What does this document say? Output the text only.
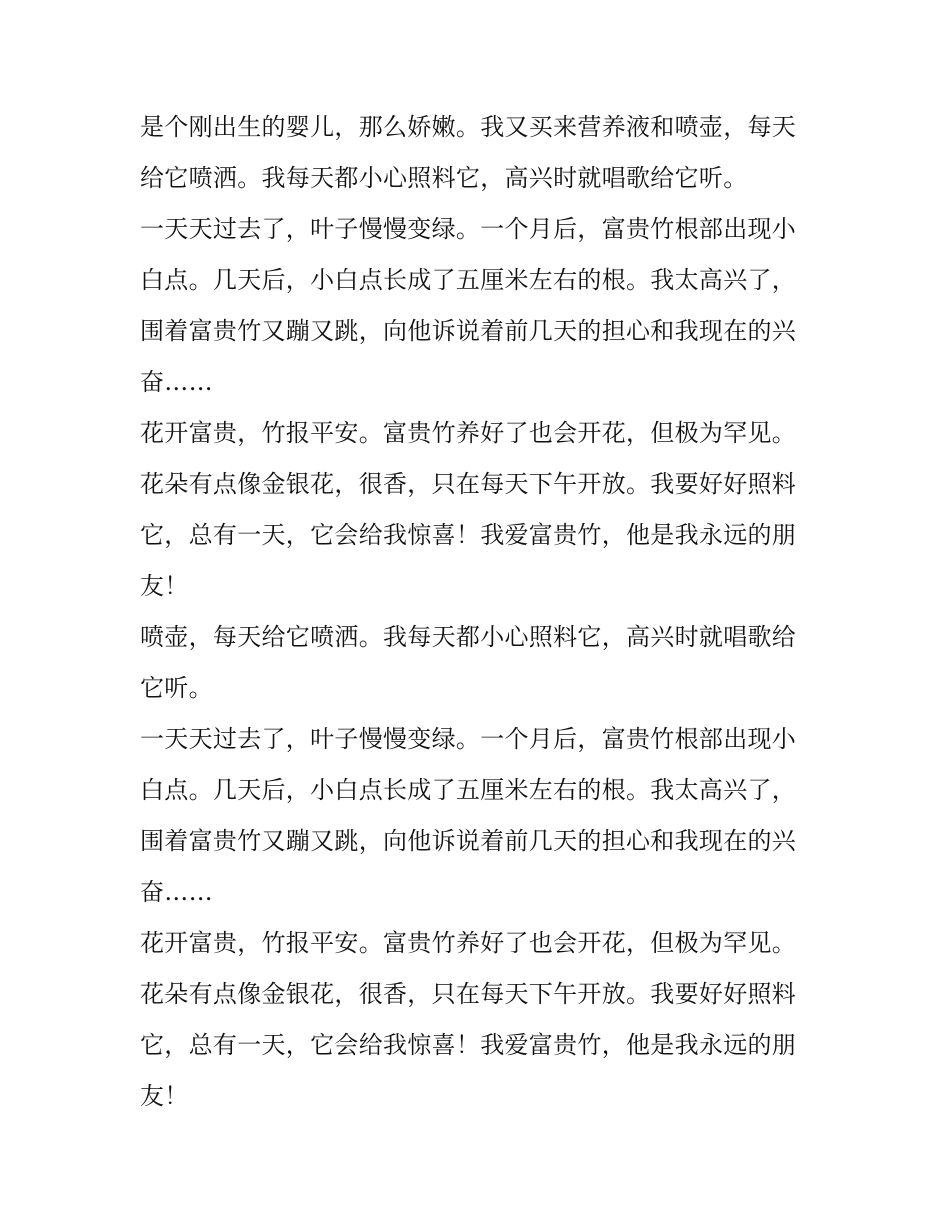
是个刚出生的婴儿，那么娇嫩。我又买来营养液和喷壶，每天
给它喷洒。我每天都小心照料它，高兴时就唱歌给它听。
一天天过去了，叶子慢慢变绿。一个月后，富贵竹根部出现小
白点。几天后，小白点长成了五厘米左右的根。我太高兴了，
围着富贵竹又蹦又跳，向他诉说着前几天的担心和我现在的兴
奋……
花开富贵，竹报平安。富贵竹养好了也会开花，但极为罕见。
花朵有点像金银花，很香，只在每天下午开放。我要好好照料
它，总有一天，它会给我惊喜！我爱富贵竹，他是我永远的朋
友！
喷壶，每天给它喷洒。我每天都小心照料它，高兴时就唱歌给
它听。
一天天过去了，叶子慢慢变绿。一个月后，富贵竹根部出现小
白点。几天后，小白点长成了五厘米左右的根。我太高兴了，
围着富贵竹又蹦又跳，向他诉说着前几天的担心和我现在的兴
奋……
花开富贵，竹报平安。富贵竹养好了也会开花，但极为罕见。
花朵有点像金银花，很香，只在每天下午开放。我要好好照料
它，总有一天，它会给我惊喜！我爱富贵竹，他是我永远的朋
友！
